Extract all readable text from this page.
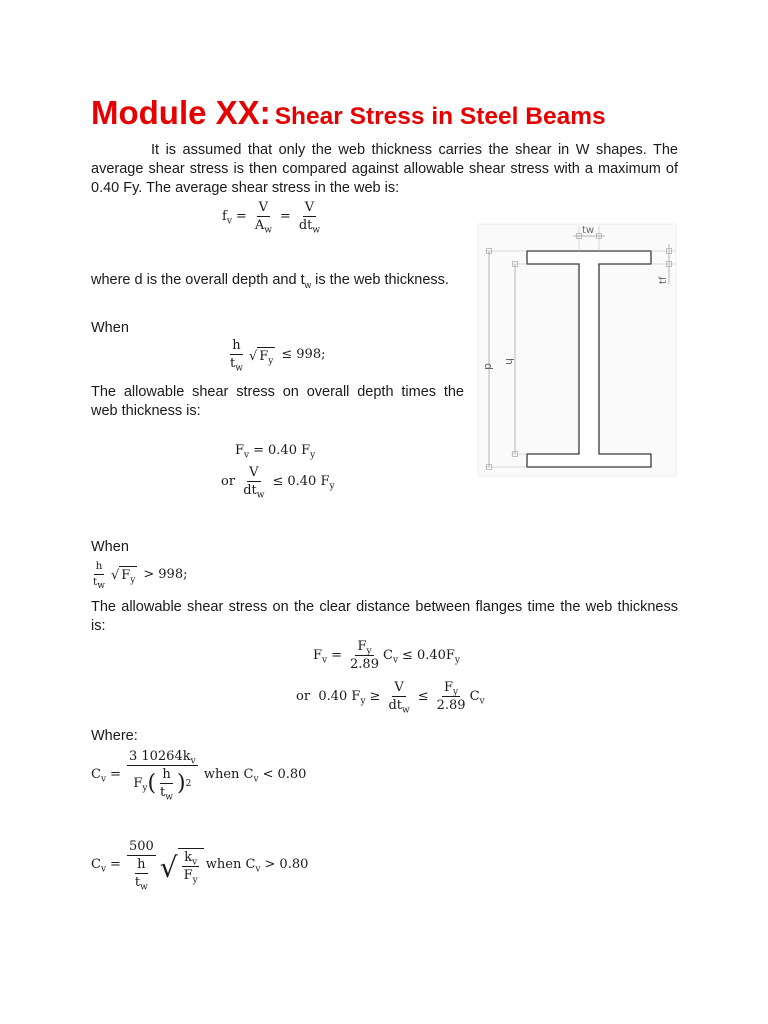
Module XX: Shear Stress in Steel Beams
It is assumed that only the web thickness carries the shear in W shapes. The average shear stress is then compared against allowable shear stress with a maximum of 0.40 Fy. The average shear stress in the web is:
$f_v = \frac{V}{A_w} = \frac{V}{dt_w}$
where d is the overall depth and $t_w$ is the web thickness.
When
$\frac{h}{t_w}$ √ $F_y \le 998$;
The allowable shear stress on overall depth times the web thickness is:
$F_v = 0.40$
$F_y$
or
$\frac{V}{dt_w} \le 0.40$
$F_y$
When
$\frac{h}{t_w}$ √ $F_y > 998$;
The allowable shear stress on the clear distance between flanges time the web thickness is:
$F_v = \frac{F_y}{2.89} C_v \le 0.40$ $F_y$
or
0.40
$F_y \ge \frac{V}{dt_w} \le \frac{F_y}{2.89} C_v$
Where:
$C_v = \frac{3 10264k_v}{F_y ( \frac{h}{t_w} ) 2}$
when
$C_v < 0.80$
$C_v = \frac{500}{\frac{h}{t_w}}$ √ $\frac{k_v}{F_y}$ when
$C_v > 0.80$
tw
tf
d
h
